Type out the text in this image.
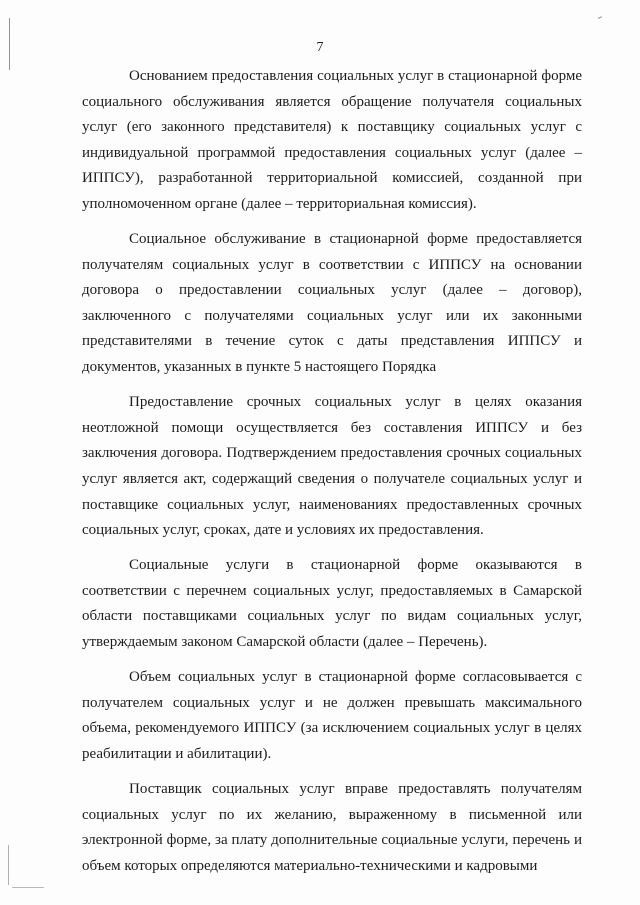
7

Основанием предоставления социальных услуг в стационарной форме социального обслуживания является обращение получателя социальных услуг (его законного представителя) к поставщику социальных услуг с индивидуальной программой предоставления социальных услуг (далее – ИППСУ), разработанной территориальной комиссией, созданной при уполномоченном органе (далее – территориальная комиссия).

Социальное обслуживание в стационарной форме предоставляется получателям социальных услуг в соответствии с ИППСУ на основании договора о предоставлении социальных услуг (далее – договор), заключенного с получателями социальных услуг или их законными представителями в течение суток с даты представления ИППСУ и документов, указанных в пункте 5 настоящего Порядка

Предоставление срочных социальных услуг в целях оказания неотложной помощи осуществляется без составления ИППСУ и без заключения договора. Подтверждением предоставления срочных социальных услуг является акт, содержащий сведения о получателе социальных услуг и поставщике социальных услуг, наименованиях предоставленных срочных социальных услуг, сроках, дате и условиях их предоставления.

Социальные услуги в стационарной форме оказываются в соответствии с перечнем социальных услуг, предоставляемых в Самарской области поставщиками социальных услуг по видам социальных услуг, утверждаемым законом Самарской области (далее – Перечень).

Объем социальных услуг в стационарной форме согласовывается с получателем социальных услуг и не должен превышать максимального объема, рекомендуемого ИППСУ (за исключением социальных услуг в целях реабилитации и абилитации).

Поставщик социальных услуг вправе предоставлять получателям социальных услуг по их желанию, выраженному в письменной или электронной форме, за плату дополнительные социальные услуги, перечень и объем которых определяются материально-техническими и кадровыми
